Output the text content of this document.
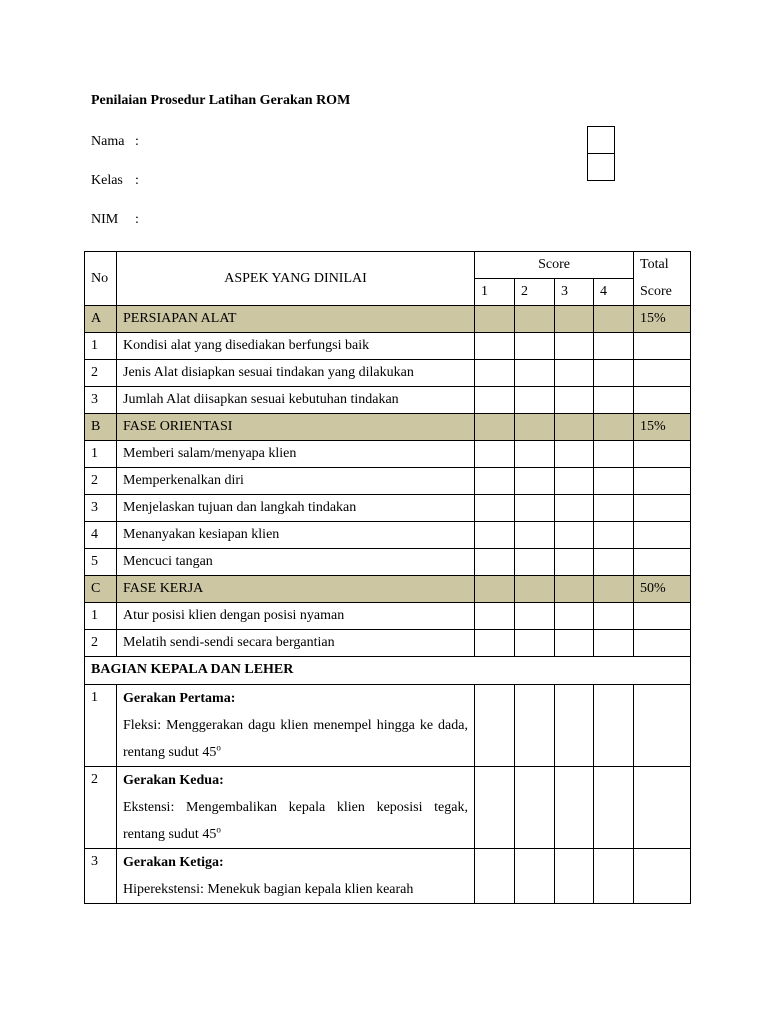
Penilaian Prosedur Latihan Gerakan ROM
Nama :
Kelas :
NIM :
No	ASPEK YANG DINILAI	Score				Total
		1	2	3	4	Score
A	PERSIAPAN ALAT					15%
1	Kondisi alat yang disediakan berfungsi baik					
2	Jenis Alat disiapkan sesuai tindakan yang dilakukan					
3	Jumlah Alat diisapkan sesuai kebutuhan tindakan					
B	FASE ORIENTASI					15%
1	Memberi salam/menyapa klien					
2	Memperkenalkan diri					
3	Menjelaskan tujuan dan langkah tindakan					
4	Menanyakan kesiapan klien					
5	Mencuci tangan					
C	FASE KERJA					50%
1	Atur posisi klien dengan posisi nyaman					
2	Melatih sendi-sendi secara bergantian					
BAGIAN KEPALA DAN LEHER						
1	Gerakan Pertama:
Fleksi: Menggerakan dagu klien menempel hingga ke dada, rentang sudut 45$^o$

2	Gerakan Kedua:
Ekstensi: Mengembalikan kepala klien keposisi tegak, rentang sudut 45$^o$

3	Gerakan Ketiga:
Hiperekstensi: Menekuk bagian kepala klien kearah					
